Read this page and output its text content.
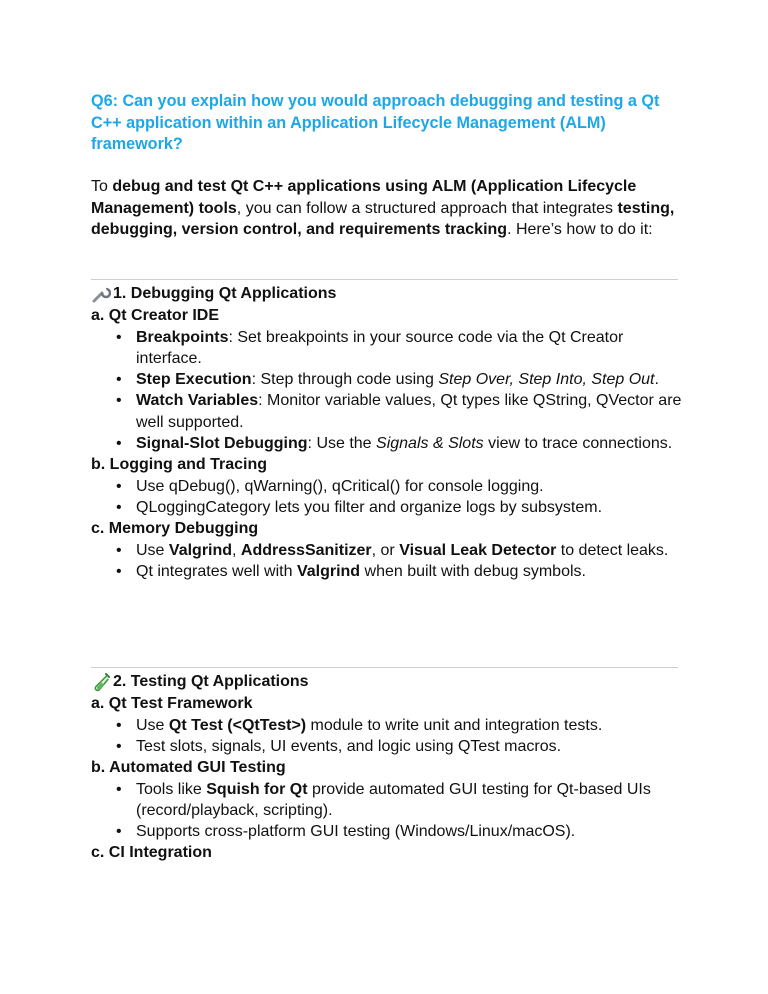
Q6: Can you explain how you would approach debugging and testing a Qt C++ application within an Application Lifecycle Management (ALM) framework?
To debug and test Qt C++ applications using ALM (Application Lifecycle Management) tools, you can follow a structured approach that integrates testing, debugging, version control, and requirements tracking. Here’s how to do it:
1. Debugging Qt Applications
a. Qt Creator IDE
• Breakpoints: Set breakpoints in your source code via the Qt Creator interface.
• Step Execution: Step through code using Step Over, Step Into, Step Out.
• Watch Variables: Monitor variable values, Qt types like QString, QVector are well supported.
• Signal-Slot Debugging: Use the Signals & Slots view to trace connections.
b. Logging and Tracing
• Use qDebug(), qWarning(), qCritical() for console logging.
• QLoggingCategory lets you filter and organize logs by subsystem.
c. Memory Debugging
• Use Valgrind, AddressSanitizer, or Visual Leak Detector to detect leaks.
• Qt integrates well with Valgrind when built with debug symbols.
2. Testing Qt Applications
a. Qt Test Framework
• Use Qt Test (<QtTest>) module to write unit and integration tests.
• Test slots, signals, UI events, and logic using QTest macros.
b. Automated GUI Testing
• Tools like Squish for Qt provide automated GUI testing for Qt-based UIs (record/playback, scripting).
• Supports cross-platform GUI testing (Windows/Linux/macOS).
c. CI Integration
